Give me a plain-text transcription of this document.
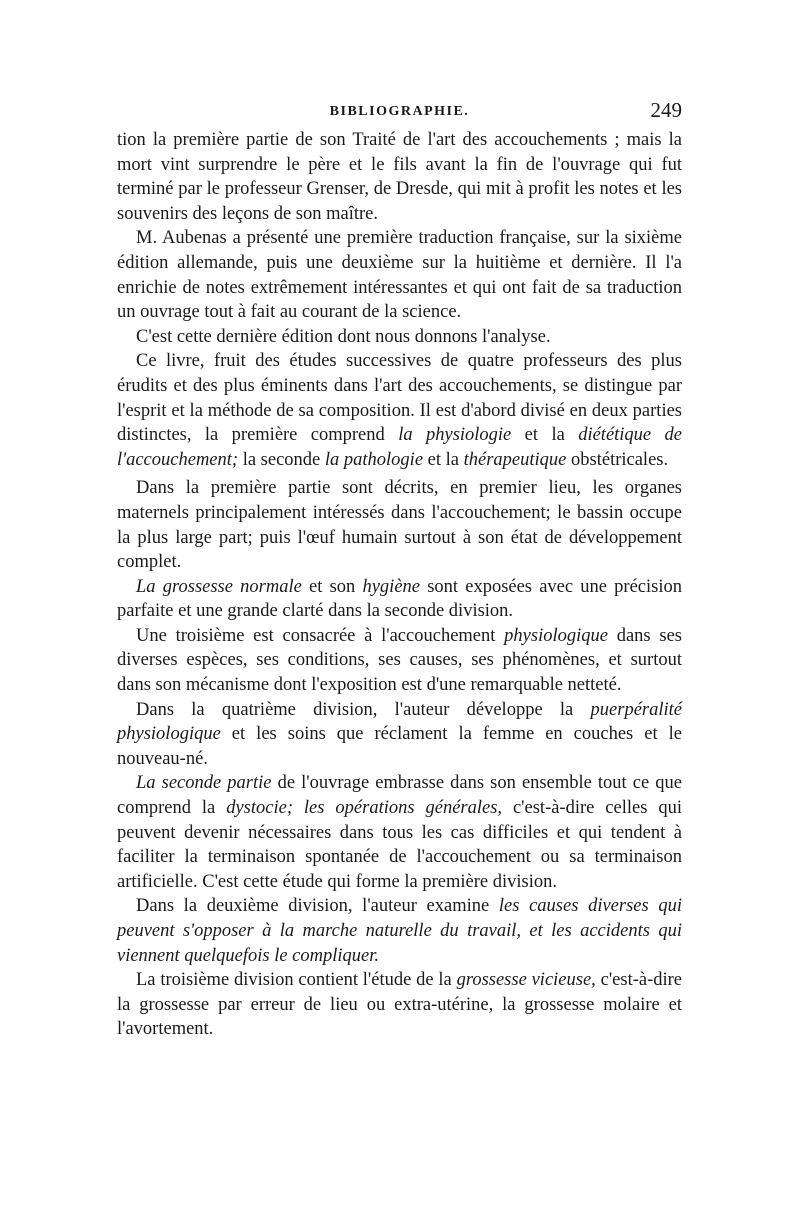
BIBLIOGRAPHIE.	249

tion la première partie de son Traité de l'art des accouchements ; mais la mort vint surprendre le père et le fils avant la fin de l'ouvrage qui fut terminé par le professeur Grenser, de Dresde, qui mit à profit les notes et les souvenirs des leçons de son maître.

M. Aubenas a présenté une première traduction française, sur la sixième édition allemande, puis une deuxième sur la huitième et dernière. Il l'a enrichie de notes extrêmement intéressantes et qui ont fait de sa traduction un ouvrage tout à fait au courant de la science.

C'est cette dernière édition dont nous donnons l'analyse.

Ce livre, fruit des études successives de quatre professeurs des plus érudits et des plus éminents dans l'art des accouchements, se distingue par l'esprit et la méthode de sa composition. Il est d'abord divisé en deux parties distinctes, la première comprend la physiologie et la diététique de l'accouchement; la seconde la pathologie et la thérapeutique obstétricales.

Dans la première partie sont décrits, en premier lieu, les organes maternels principalement intéressés dans l'accouchement; le bassin occupe la plus large part; puis l'œuf humain surtout à son état de développement complet.

La grossesse normale et son hygiène sont exposées avec une précision parfaite et une grande clarté dans la seconde division.

Une troisième est consacrée à l'accouchement physiologique dans ses diverses espèces, ses conditions, ses causes, ses phénomènes, et surtout dans son mécanisme dont l'exposition est d'une remarquable netteté.

Dans la quatrième division, l'auteur développe la puerpéralité physiologique et les soins que réclament la femme en couches et le nouveau-né.

La seconde partie de l'ouvrage embrasse dans son ensemble tout ce que comprend la dystocie; les opérations générales, c'est-à-dire celles qui peuvent devenir nécessaires dans tous les cas difficiles et qui tendent à faciliter la terminaison spontanée de l'accouchement ou sa terminaison artificielle. C'est cette étude qui forme la première division.

Dans la deuxième division, l'auteur examine les causes diverses qui peuvent s'opposer à la marche naturelle du travail, et les accidents qui viennent quelquefois le compliquer.

La troisième division contient l'étude de la grossesse vicieuse, c'est-à-dire la grossesse par erreur de lieu ou extra-utérine, la grossesse molaire et l'avortement.
